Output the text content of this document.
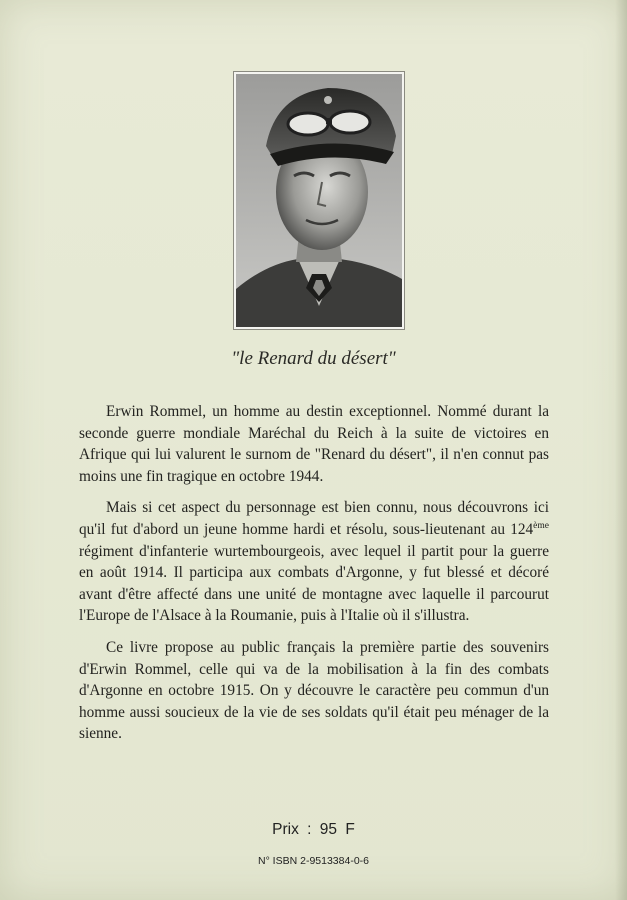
"le Renard du désert"

Erwin Rommel, un homme au destin exceptionnel. Nommé durant la seconde guerre mondiale Maréchal du Reich à la suite de victoires en Afrique qui lui valurent le surnom de "Renard du désert", il n'en connut pas moins une fin tragique en octobre 1944.

Mais si cet aspect du personnage est bien connu, nous découvrons ici qu'il fut d'abord un jeune homme hardi et résolu, sous-lieutenant au 124ème régiment d'infanterie wurtembourgeois, avec lequel il partit pour la guerre en août 1914. Il participa aux combats d'Argonne, y fut blessé et décoré avant d'être affecté dans une unité de montagne avec laquelle il parcourut l'Europe de l'Alsace à la Roumanie, puis à l'Italie où il s'illustra.

Ce livre propose au public français la première partie des souvenirs d'Erwin Rommel, celle qui va de la mobilisation à la fin des combats d'Argonne en octobre 1915. On y découvre le caractère peu commun d'un homme aussi soucieux de la vie de ses soldats qu'il était peu ménager de la sienne.

Prix : 95 F
N° ISBN 2-9513384-0-6
